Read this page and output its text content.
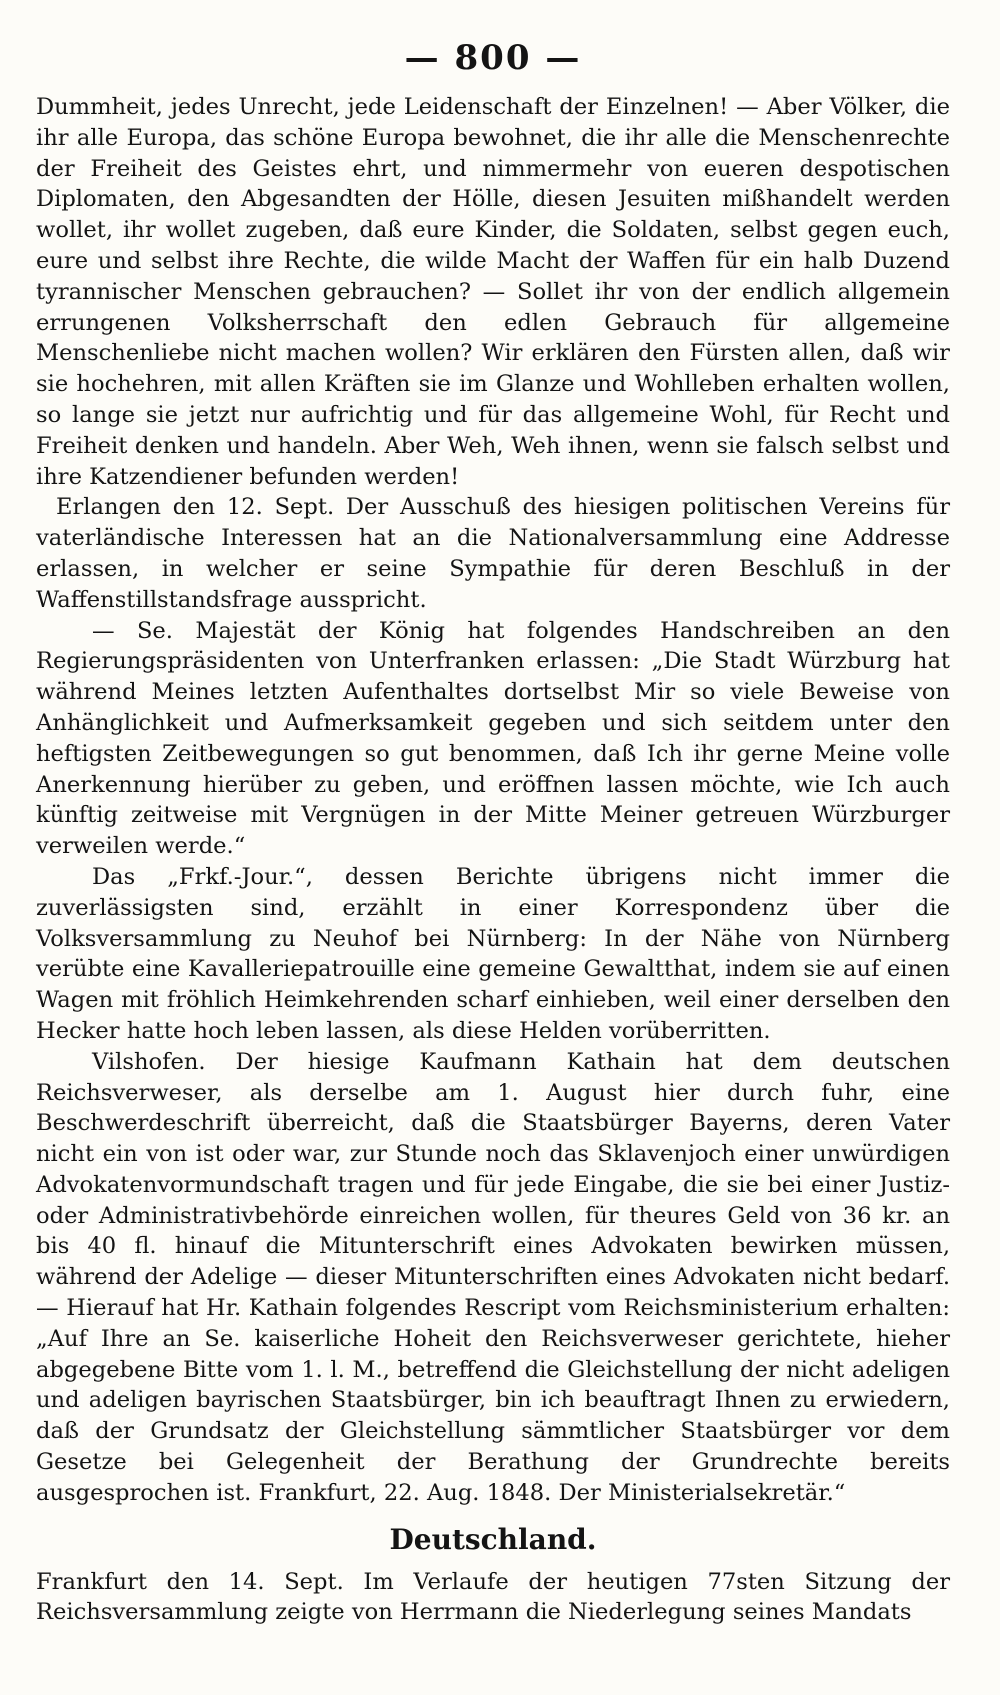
— 800 —

Dummheit, jedes Unrecht, jede Leidenschaft der Einzelnen! — Aber Völker, die ihr alle Europa, das schöne Europa bewohnet, die ihr alle die Menschenrechte der Freiheit des Geistes ehrt, und nimmermehr von eueren despotischen Diplomaten, den Abgesandten der Hölle, diesen Jesuiten mißhandelt werden wollet, ihr wollet zugeben, daß eure Kinder, die Soldaten, selbst gegen euch, eure und selbst ihre Rechte, die wilde Macht der Waffen für ein halb Duzend tyrannischer Menschen gebrauchen? — Sollet ihr von der endlich allgemein errungenen Volksherrschaft den edlen Gebrauch für allgemeine Menschenliebe nicht machen wollen? Wir erklären den Fürsten allen, daß wir sie hochehren, mit allen Kräften sie im Glanze und Wohlleben erhalten wollen, so lange sie jetzt nur aufrichtig und für das allgemeine Wohl, für Recht und Freiheit denken und handeln. Aber Weh, Weh ihnen, wenn sie falsch selbst und ihre Katzendiener befunden werden!

Erlangen den 12. Sept. Der Ausschuß des hiesigen politischen Vereins für vaterländische Interessen hat an die Nationalversammlung eine Addresse erlassen, in welcher er seine Sympathie für deren Beschluß in der Waffenstillstandsfrage ausspricht.

— Se. Majestät der König hat folgendes Handschreiben an den Regierungspräsidenten von Unterfranken erlassen: „Die Stadt Würzburg hat während Meines letzten Aufenthaltes dortselbst Mir so viele Beweise von Anhänglichkeit und Aufmerksamkeit gegeben und sich seitdem unter den heftigsten Zeitbewegungen so gut benommen, daß Ich ihr gerne Meine volle Anerkennung hierüber zu geben, und eröffnen lassen möchte, wie Ich auch künftig zeitweise mit Vergnügen in der Mitte Meiner getreuen Würzburger verweilen werde.“

Das „Frkf.-Jour.“, dessen Berichte übrigens nicht immer die zuverlässigsten sind, erzählt in einer Korrespondenz über die Volksversammlung zu Neuhof bei Nürnberg: In der Nähe von Nürnberg verübte eine Kavalleriepatrouille eine gemeine Gewaltthat, indem sie auf einen Wagen mit fröhlich Heimkehrenden scharf einhieben, weil einer derselben den Hecker hatte hoch leben lassen, als diese Helden vorüberritten.

Vilshofen. Der hiesige Kaufmann Kathain hat dem deutschen Reichsverweser, als derselbe am 1. August hier durch fuhr, eine Beschwerdeschrift überreicht, daß die Staatsbürger Bayerns, deren Vater nicht ein von ist oder war, zur Stunde noch das Sklavenjoch einer unwürdigen Advokatenvormundschaft tragen und für jede Eingabe, die sie bei einer Justiz- oder Administrativbehörde einreichen wollen, für theures Geld von 36 kr. an bis 40 fl. hinauf die Mitunterschrift eines Advokaten bewirken müssen, während der Adelige — dieser Mitunterschriften eines Advokaten nicht bedarf. — Hierauf hat Hr. Kathain folgendes Rescript vom Reichsministerium erhalten: „Auf Ihre an Se. kaiserliche Hoheit den Reichsverweser gerichtete, hieher abgegebene Bitte vom 1. l. M., betreffend die Gleichstellung der nicht adeligen und adeligen bayrischen Staatsbürger, bin ich beauftragt Ihnen zu erwiedern, daß der Grundsatz der Gleichstellung sämmtlicher Staatsbürger vor dem Gesetze bei Gelegenheit der Berathung der Grundrechte bereits ausgesprochen ist. Frankfurt, 22. Aug. 1848. Der Ministerialsekretär.“

Deutschland.

Frankfurt den 14. Sept. Im Verlaufe der heutigen 77sten Sitzung der Reichsversammlung zeigte von Herrmann die Niederlegung seines Mandats
